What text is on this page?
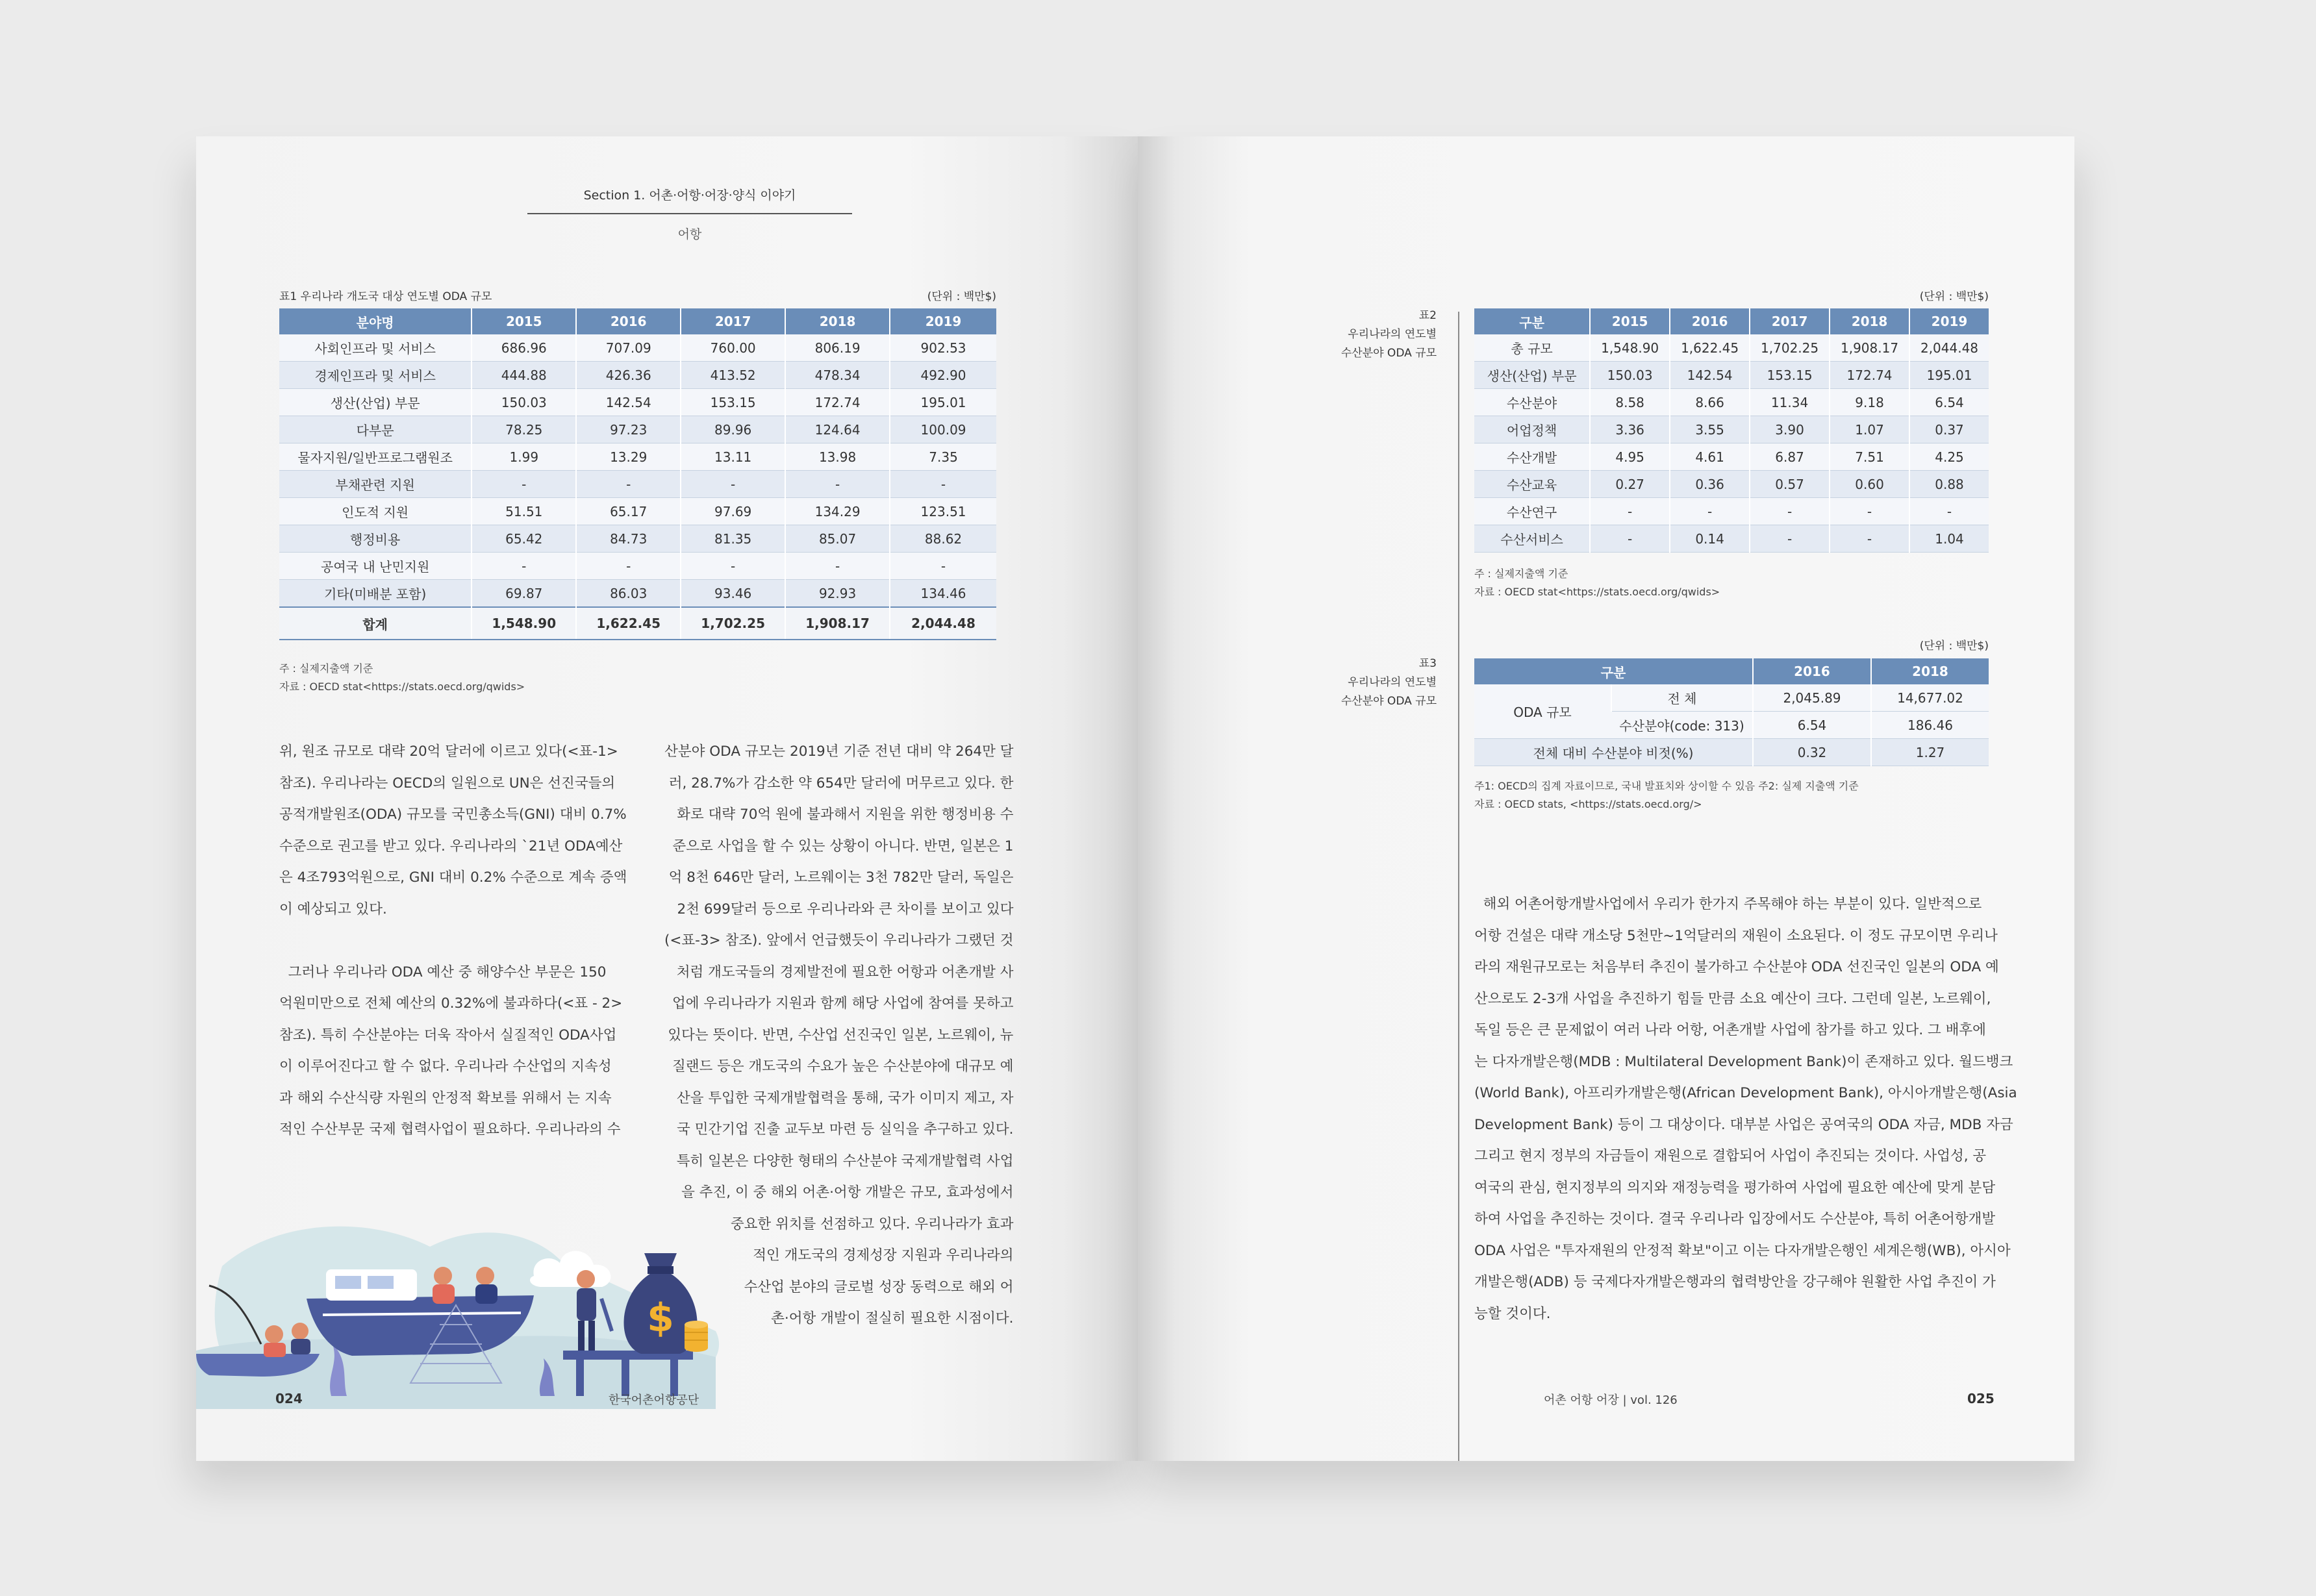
Section 1. 어촌·어항·어장·양식 이야기
어항
표1 우리나라 개도국 대상 연도별 ODA 규모	(단위 : 백만$)
분야명	2015	2016	2017	2018	2019
사회인프라 및 서비스	686.96	707.09	760.00	806.19	902.53
경제인프라 및 서비스	444.88	426.36	413.52	478.34	492.90
생산(산업) 부문	150.03	142.54	153.15	172.74	195.01
다부문	78.25	97.23	89.96	124.64	100.09
물자지원/일반프로그램원조	1.99	13.29	13.11	13.98	7.35
부채관련 지원	-	-	-	-	-
인도적 지원	51.51	65.17	97.69	134.29	123.51
행정비용	65.42	84.73	81.35	85.07	88.62
공여국 내 난민지원	-	-	-	-	-
기타(미배분 포함)	69.87	86.03	93.46	92.93	134.46
합계	1,548.90	1,622.45	1,702.25	1,908.17	2,044.48
주 : 실제지출액 기준
자료 : OECD stat<https://stats.oecd.org/qwids>
위, 원조 규모로 대략 20억 달러에 이르고 있다(<표-1>
참조). 우리나라는 OECD의 일원으로 UN은 선진국들의
공적개발원조(ODA) 규모를 국민총소득(GNI) 대비 0.7%
수준으로 권고를 받고 있다. 우리나라의 `21년 ODA예산
은 4조793억원으로, GNI 대비 0.2% 수준으로 계속 증액
이 예상되고 있다.
그러나 우리나라 ODA 예산 중 해양수산 부문은 150
억원미만으로 전체 예산의 0.32%에 불과하다(<표 - 2>
참조). 특히 수산분야는 더욱 작아서 실질적인 ODA사업
이 이루어진다고 할 수 없다. 우리나라 수산업의 지속성
과 해외 수산식량 자원의 안정적 확보를 위해서 는 지속
적인 수산부문 국제 협력사업이 필요하다. 우리나라의 수
산분야 ODA 규모는 2019년 기준 전년 대비 약 264만 달
러, 28.7%가 감소한 약 654만 달러에 머무르고 있다. 한
화로 대략 70억 원에 불과해서 지원을 위한 행정비용 수
준으로 사업을 할 수 있는 상황이 아니다. 반면, 일본은 1
억 8천 646만 달러, 노르웨이는 3천 782만 달러, 독일은
2천 699달러 등으로 우리나라와 큰 차이를 보이고 있다
(<표-3> 참조). 앞에서 언급했듯이 우리나라가 그랬던 것
처럼 개도국들의 경제발전에 필요한 어항과 어촌개발 사
업에 우리나라가 지원과 함께 해당 사업에 참여를 못하고
있다는 뜻이다. 반면, 수산업 선진국인 일본, 노르웨이, 뉴
질랜드 등은 개도국의 수요가 높은 수산분야에 대규모 예
산을 투입한 국제개발협력을 통해, 국가 이미지 제고, 자
국 민간기업 진출 교두보 마련 등 실익을 추구하고 있다.
특히 일본은 다양한 형태의 수산분야 국제개발협력 사업
을 추진, 이 중 해외 어촌·어항 개발은 규모, 효과성에서
중요한 위치를 선점하고 있다. 우리나라가 효과
적인 개도국의 경제성장 지원과 우리나라의
수산업 분야의 글로벌 성장 동력으로 해외 어
촌·어항 개발이 절실히 필요한 시점이다.
$
024	한국어촌어항공단
표2
우리나라의 연도별
수산분야 ODA 규모
(단위 : 백만$)
구분	2015	2016	2017	2018	2019
총 규모	1,548.90	1,622.45	1,702.25	1,908.17	2,044.48
생산(산업) 부문	150.03	142.54	153.15	172.74	195.01
수산분야	8.58	8.66	11.34	9.18	6.54
어업정책	3.36	3.55	3.90	1.07	0.37
수산개발	4.95	4.61	6.87	7.51	4.25
수산교육	0.27	0.36	0.57	0.60	0.88
수산연구	-	-	-	-	-
수산서비스	-	0.14	-	-	1.04
주 : 실제지출액 기준
자료 : OECD stat<https://stats.oecd.org/qwids>
표3
우리나라의 연도별
수산분야 ODA 규모
(단위 : 백만$)
구분		2016	2018
ODA 규모	전 체	2,045.89	14,677.02
	수산분야(code: 313)	6.54	186.46
전체 대비 수산분야 비젓(%)		0.32	1.27
주1: OECD의 집계 자료이므로, 국내 발표치와 상이할 수 있음 주2: 실제 지출액 기준
자료 : OECD stats, <https://stats.oecd.org/>
해외 어촌어항개발사업에서 우리가 한가지 주목해야 하는 부분이 있다. 일반적으로
어항 건설은 대략 개소당 5천만~1억달러의 재원이 소요된다. 이 정도 규모이면 우리나
라의 재원규모로는 처음부터 추진이 불가하고 수산분야 ODA 선진국인 일본의 ODA 예
산으로도 2-3개 사업을 추진하기 힘들 만큼 소요 예산이 크다. 그런데 일본, 노르웨이,
독일 등은 큰 문제없이 여러 나라 어항, 어촌개발 사업에 참가를 하고 있다. 그 배후에
는 다자개발은행(MDB : Multilateral Development Bank)이 존재하고 있다. 월드뱅크
(World Bank), 아프리카개발은행(African Development Bank), 아시아개발은행(Asia
Development Bank) 등이 그 대상이다. 대부분 사업은 공여국의 ODA 자금, MDB 자금
그리고 현지 정부의 자금들이 재원으로 결합되어 사업이 추진되는 것이다. 사업성, 공
여국의 관심, 현지정부의 의지와 재정능력을 평가하여 사업에 필요한 예산에 맞게 분담
하여 사업을 추진하는 것이다. 결국 우리나라 입장에서도 수산분야, 특히 어촌어항개발
ODA 사업은 "투자재원의 안정적 확보"이고 이는 다자개발은행인 세계은행(WB), 아시아
개발은행(ADB) 등 국제다자개발은행과의 협력방안을 강구해야 원활한 사업 추진이 가
능할 것이다.
어촌 어항 어장 | vol. 126	025
